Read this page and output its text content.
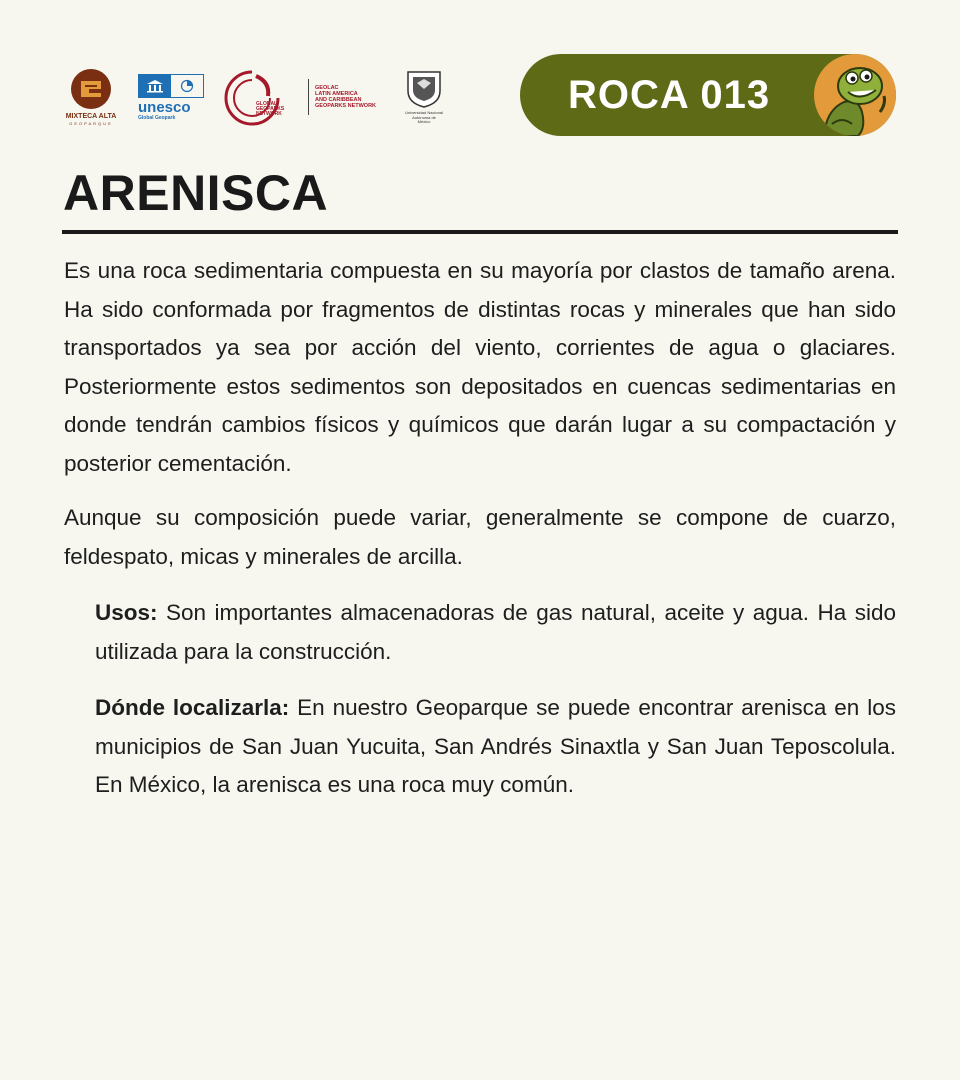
MIXTECA ALTA
GEOPARQUE
unesco
Global Geopark
GLOBAL
GEOPARKS
NETWORK
GEOLAC
LATIN AMERICA
AND CARIBBEAN
GEOPARKS NETWORK
Universidad Nacional
Autónoma de
México
ROCA 013
ARENISCA

Es una roca sedimentaria compuesta en su mayoría por clastos de tamaño arena. Ha sido conformada por fragmentos de distintas rocas y minerales que han sido transportados ya sea por acción del viento, corrientes de agua o glaciares. Posteriormente estos sedimentos son depositados en cuencas sedimentarias en donde tendrán cambios físicos y químicos que darán lugar a su compactación y posterior cementación.

Aunque su composición puede variar, generalmente se compone de cuarzo, feldespato, micas y minerales de arcilla.

Usos: Son importantes almacenadoras de gas natural, aceite y agua. Ha sido utilizada para la construcción.

Dónde localizarla: En nuestro Geoparque se puede encontrar arenisca en los municipios de San Juan Yucuita, San Andrés Sinaxtla y San Juan Teposcolula. En México, la arenisca es una roca muy común.
